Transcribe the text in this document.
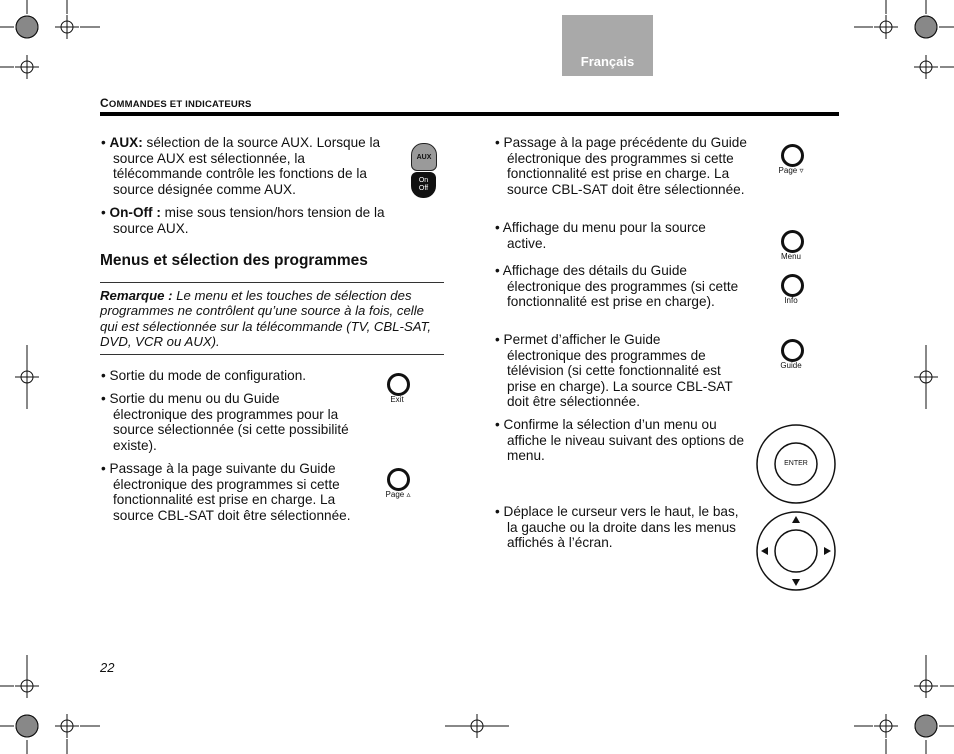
Français
COMMANDES ET INDICATEURS
• AUX: sélection de la source AUX. Lorsque la source AUX est sélectionnée, la télécommande contrôle les fonctions de la source désignée comme AUX.
• On-Off : mise sous tension/hors tension de la source AUX.
AUX
On
Off
Menus et sélection des programmes
Remarque : Le menu et les touches de sélection des programmes ne contrôlent qu’une source à la fois, celle qui est sélectionnée sur la télécommande (TV, CBL-SAT, DVD, VCR ou AUX).
• Sortie du mode de configuration.
• Sortie du menu ou du Guide électronique des programmes pour la source sélectionnée (si cette possibilité existe).
• Passage à la page suivante du Guide électronique des programmes si cette fonctionnalité est prise en charge. La source CBL-SAT doit être sélectionnée.
Exit
Page ▵
• Passage à la page précédente du Guide électronique des programmes si cette fonctionnalité est prise en charge. La source CBL-SAT doit être sélectionnée.
• Affichage du menu pour la source active.
• Affichage des détails du Guide électronique des programmes (si cette fonctionnalité est prise en charge).
• Permet d’afficher le Guide électronique des programmes de télévision (si cette fonctionnalité est prise en charge). La source CBL-SAT doit être sélectionnée.
• Confirme la sélection d’un menu ou affiche le niveau suivant des options de menu.
• Déplace le curseur vers le haut, le bas, la gauche ou la droite dans les menus affichés à l’écran.
Page ▿
Menu
Info
Guide
ENTER
22
